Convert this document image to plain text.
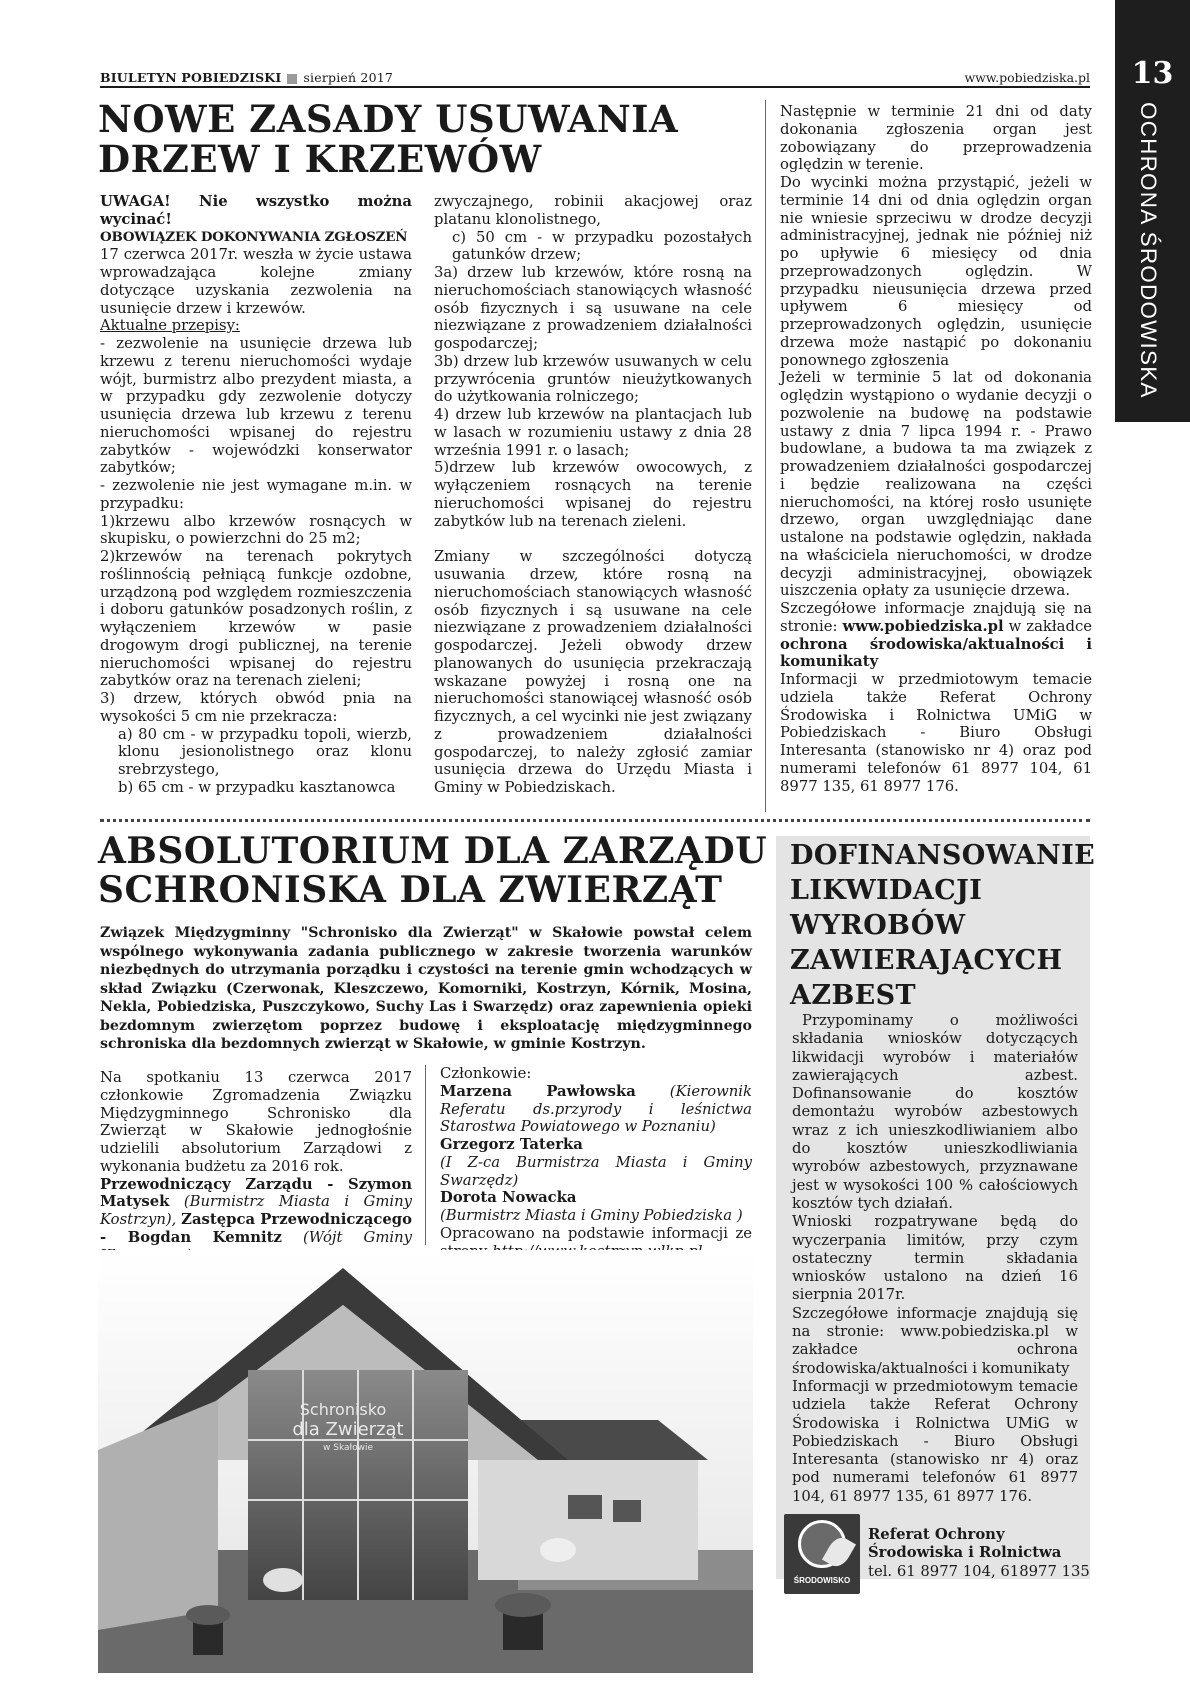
BIULETYN POBIEDZISKI sierpień 2017	www.pobiedziska.pl	13
OCHRONA ŚRODOWISKA
NOWE ZASADY USUWANIA
DRZEW I KRZEWÓW

UWAGA! Nie wszystko można wycinać!

OBOWIĄZEK DOKONYWANIA ZGŁOSZEŃ

17 czerwca 2017r. weszła w życie ustawa wprowadzająca kolejne zmiany dotyczące uzyskania zezwolenia na usunięcie drzew i krzewów.

Aktualne przepisy:

- zezwolenie na usunięcie drzewa lub krzewu z terenu nieruchomości wydaje wójt, burmistrz albo prezydent miasta, a w przypadku gdy zezwolenie dotyczy usunięcia drzewa lub krzewu z terenu nieruchomości wpisanej do rejestru zabytków - wojewódzki konserwator zabytków;

- zezwolenie nie jest wymagane m.in. w przypadku:

1)krzewu albo krzewów rosnących w skupisku, o powierzchni do 25 m2;

2)krzewów na terenach pokrytych roślinnością pełniącą funkcje ozdobne, urządzoną pod względem rozmieszczenia i doboru gatunków posadzonych roślin, z wyłączeniem krzewów w pasie drogowym drogi publicznej, na terenie nieruchomości wpisanej do rejestru zabytków oraz na terenach zieleni;

3) drzew, których obwód pnia na wysokości 5 cm nie przekracza:

a) 80 cm - w przypadku topoli, wierzb, klonu jesionolistnego oraz klonu srebrzystego,

b) 65 cm - w przypadku kasztanowca

zwyczajnego, robinii akacjowej oraz platanu klonolistnego,

c) 50 cm - w przypadku pozostałych gatunków drzew;

3a) drzew lub krzewów, które rosną na nieruchomościach stanowiących własność osób fizycznych i są usuwane na cele niezwiązane z prowadzeniem działalności gospodarczej;

3b) drzew lub krzewów usuwanych w celu przywrócenia gruntów nieużytkowanych do użytkowania rolniczego;

4) drzew lub krzewów na plantacjach lub w lasach w rozumieniu ustawy z dnia 28 września 1991 r. o lasach;

5)drzew lub krzewów owocowych, z wyłączeniem rosnących na terenie nieruchomości wpisanej do rejestru zabytków lub na terenach zieleni.

Zmiany w szczególności dotyczą usuwania drzew, które rosną na nieruchomościach stanowiących własność osób fizycznych i są usuwane na cele niezwiązane z prowadzeniem działalności gospodarczej. Jeżeli obwody drzew planowanych do usunięcia przekraczają wskazane powyżej i rosną one na nieruchomości stanowiącej własność osób fizycznych, a cel wycinki nie jest związany z prowadzeniem działalności gospodarczej, to należy zgłosić zamiar usunięcia drzewa do Urzędu Miasta i Gminy w Pobiedziskach.

Następnie w terminie 21 dni od daty dokonania zgłoszenia organ jest zobowiązany do przeprowadzenia oględzin w terenie.

Do wycinki można przystąpić, jeżeli w terminie 14 dni od dnia oględzin organ nie wniesie sprzeciwu w drodze decyzji administracyjnej, jednak nie później niż po upływie 6 miesięcy od dnia przeprowadzonych oględzin. W przypadku nieusunięcia drzewa przed upływem 6 miesięcy od przeprowadzonych oględzin, usunięcie drzewa może nastąpić po dokonaniu ponownego zgłoszenia

Jeżeli w terminie 5 lat od dokonania oględzin wystąpiono o wydanie decyzji o pozwolenie na budowę na podstawie ustawy z dnia 7 lipca 1994 r. - Prawo budowlane, a budowa ta ma związek z prowadzeniem działalności gospodarczej i będzie realizowana na części nieruchomości, na której rosło usunięte drzewo, organ uwzględniając dane ustalone na podstawie oględzin, nakłada na właściciela nieruchomości, w drodze decyzji administracyjnej, obowiązek uiszczenia opłaty za usunięcie drzewa.

Szczegółowe informacje znajdują się na stronie: www.pobiedziska.pl w zakładce ochrona środowiska/aktualności i komunikaty

Informacji w przedmiotowym temacie udziela także Referat Ochrony Środowiska i Rolnictwa UMiG w Pobiedziskach - Biuro Obsługi Interesanta (stanowisko nr 4) oraz pod numerami telefonów 61 8977 104, 61 8977 135, 61 8977 176.

ABSOLUTORIUM DLA ZARZĄDU
SCHRONISKA DLA ZWIERZĄT
Związek Międzygminny "Schronisko dla Zwierząt" w Skałowie powstał celem wspólnego wykonywania zadania publicznego w zakresie tworzenia warunków niezbędnych do utrzymania porządku i czystości na terenie gmin wchodzących w skład Związku (Czerwonak, Kleszczewo, Komorniki, Kostrzyn, Kórnik, Mosina, Nekla, Pobiedziska, Puszczykowo, Suchy Las i Swarzędz) oraz zapewnienia opieki bezdomnym zwierzętom poprzez budowę i eksploatację międzygminnego schroniska dla bezdomnych zwierząt w Skałowie, w gminie Kostrzyn.

Na spotkaniu 13 czerwca 2017 członkowie Zgromadzenia Związku Międzygminnego Schronisko dla Zwierząt w Skałowie jednogłośnie udzielili absolutorium Zarządowi z wykonania budżetu za 2016 rok.

Przewodniczący Zarządu - Szymon Matysek (Burmistrz Miasta i Gminy Kostrzyn), Zastępca Przewodniczącego - Bogdan Kemnitz (Wójt Gminy

Członkowie:

Marzena Pawłowska (Kierownik Referatu ds.przyrody i leśnictwa Starostwa Powiatowego w Poznaniu)

Grzegorz Taterka

(I Z-ca Burmistrza Miasta i Gminy Swarzędz)

Dorota Nowacka

(Burmistrz Miasta i Gminy Pobiedziska )

Opracowano na podstawie informacji ze

Schronisko
dla Zwierząt
w Skałowie
DOFINANSOWANIE
LIKWIDACJI
WYROBÓW
ZAWIERAJĄCYCH
AZBEST

Przypominamy o możliwości składania wniosków dotyczących likwidacji wyrobów i materiałów zawierających azbest. Dofinansowanie do kosztów demontażu wyrobów azbestowych wraz z ich unieszkodliwianiem albo do kosztów unieszkodliwiania wyrobów azbestowych, przyznawane jest w wysokości 100 % całościowych kosztów tych działań.

Wnioski rozpatrywane będą do wyczerpania limitów, przy czym ostateczny termin składania wniosków ustalono na dzień 16 sierpnia 2017r.

Szczegółowe informacje znajdują się na stronie: www.pobiedziska.pl w zakładce ochrona środowiska/aktualności i komunikaty

Informacji w przedmiotowym temacie udziela także Referat Ochrony Środowiska i Rolnictwa UMiG w Pobiedziskach - Biuro Obsługi Interesanta (stanowisko nr 4) oraz pod numerami telefonów 61 8977 104, 61 8977 135, 61 8977 176.

ŚRODOWISKO
Referat Ochrony Środowiska i Rolnictwa
tel. 61 8977 104, 618977 135
